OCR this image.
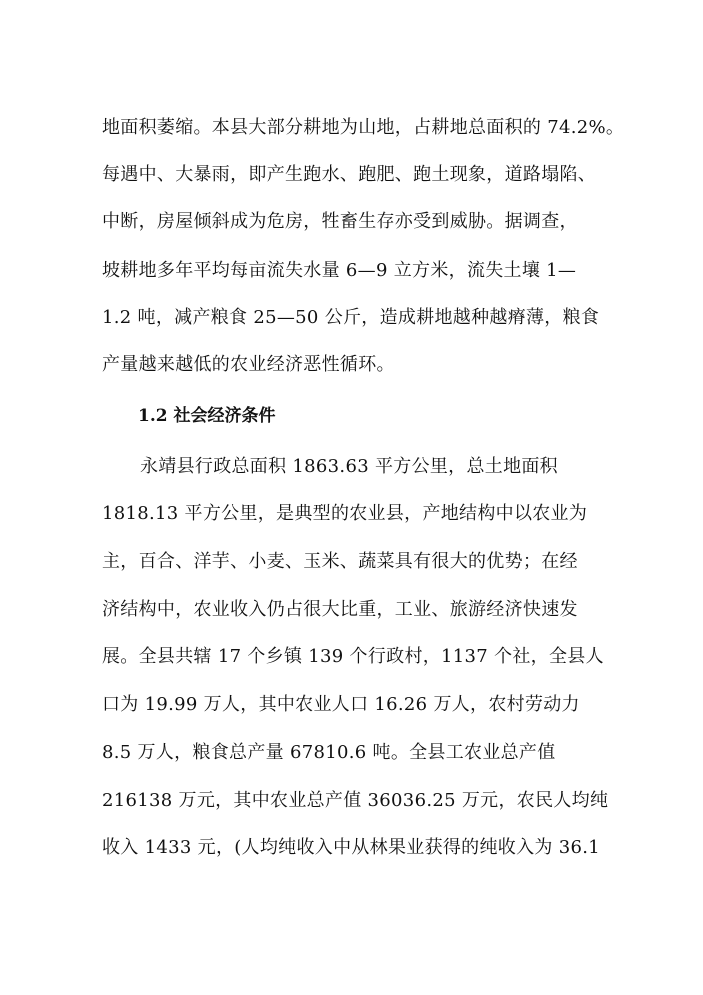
地面积萎缩。本县大部分耕地为山地，占耕地总面积的 74.2%。
每遇中、大暴雨，即产生跑水、跑肥、跑土现象，道路塌陷、
中断，房屋倾斜成为危房，牲畜生存亦受到威胁。据调查，
坡耕地多年平均每亩流失水量 6—9 立方米，流失土壤 1—
1.2 吨，减产粮食 25—50 公斤，造成耕地越种越瘠薄，粮食
产量越来越低的农业经济恶性循环。
1.2 社会经济条件
永靖县行政总面积 1863.63 平方公里，总土地面积
1818.13 平方公里，是典型的农业县，产地结构中以农业为
主，百合、洋芋、小麦、玉米、蔬菜具有很大的优势；在经
济结构中，农业收入仍占很大比重，工业、旅游经济快速发
展。全县共辖 17 个乡镇 139 个行政村，1137 个社，全县人
口为 19.99 万人，其中农业人口 16.26 万人，农村劳动力
8.5 万人，粮食总产量 67810.6 吨。全县工农业总产值
216138 万元，其中农业总产值 36036.25 万元，农民人均纯
收入 1433 元，(人均纯收入中从林果业获得的纯收入为 36.1
